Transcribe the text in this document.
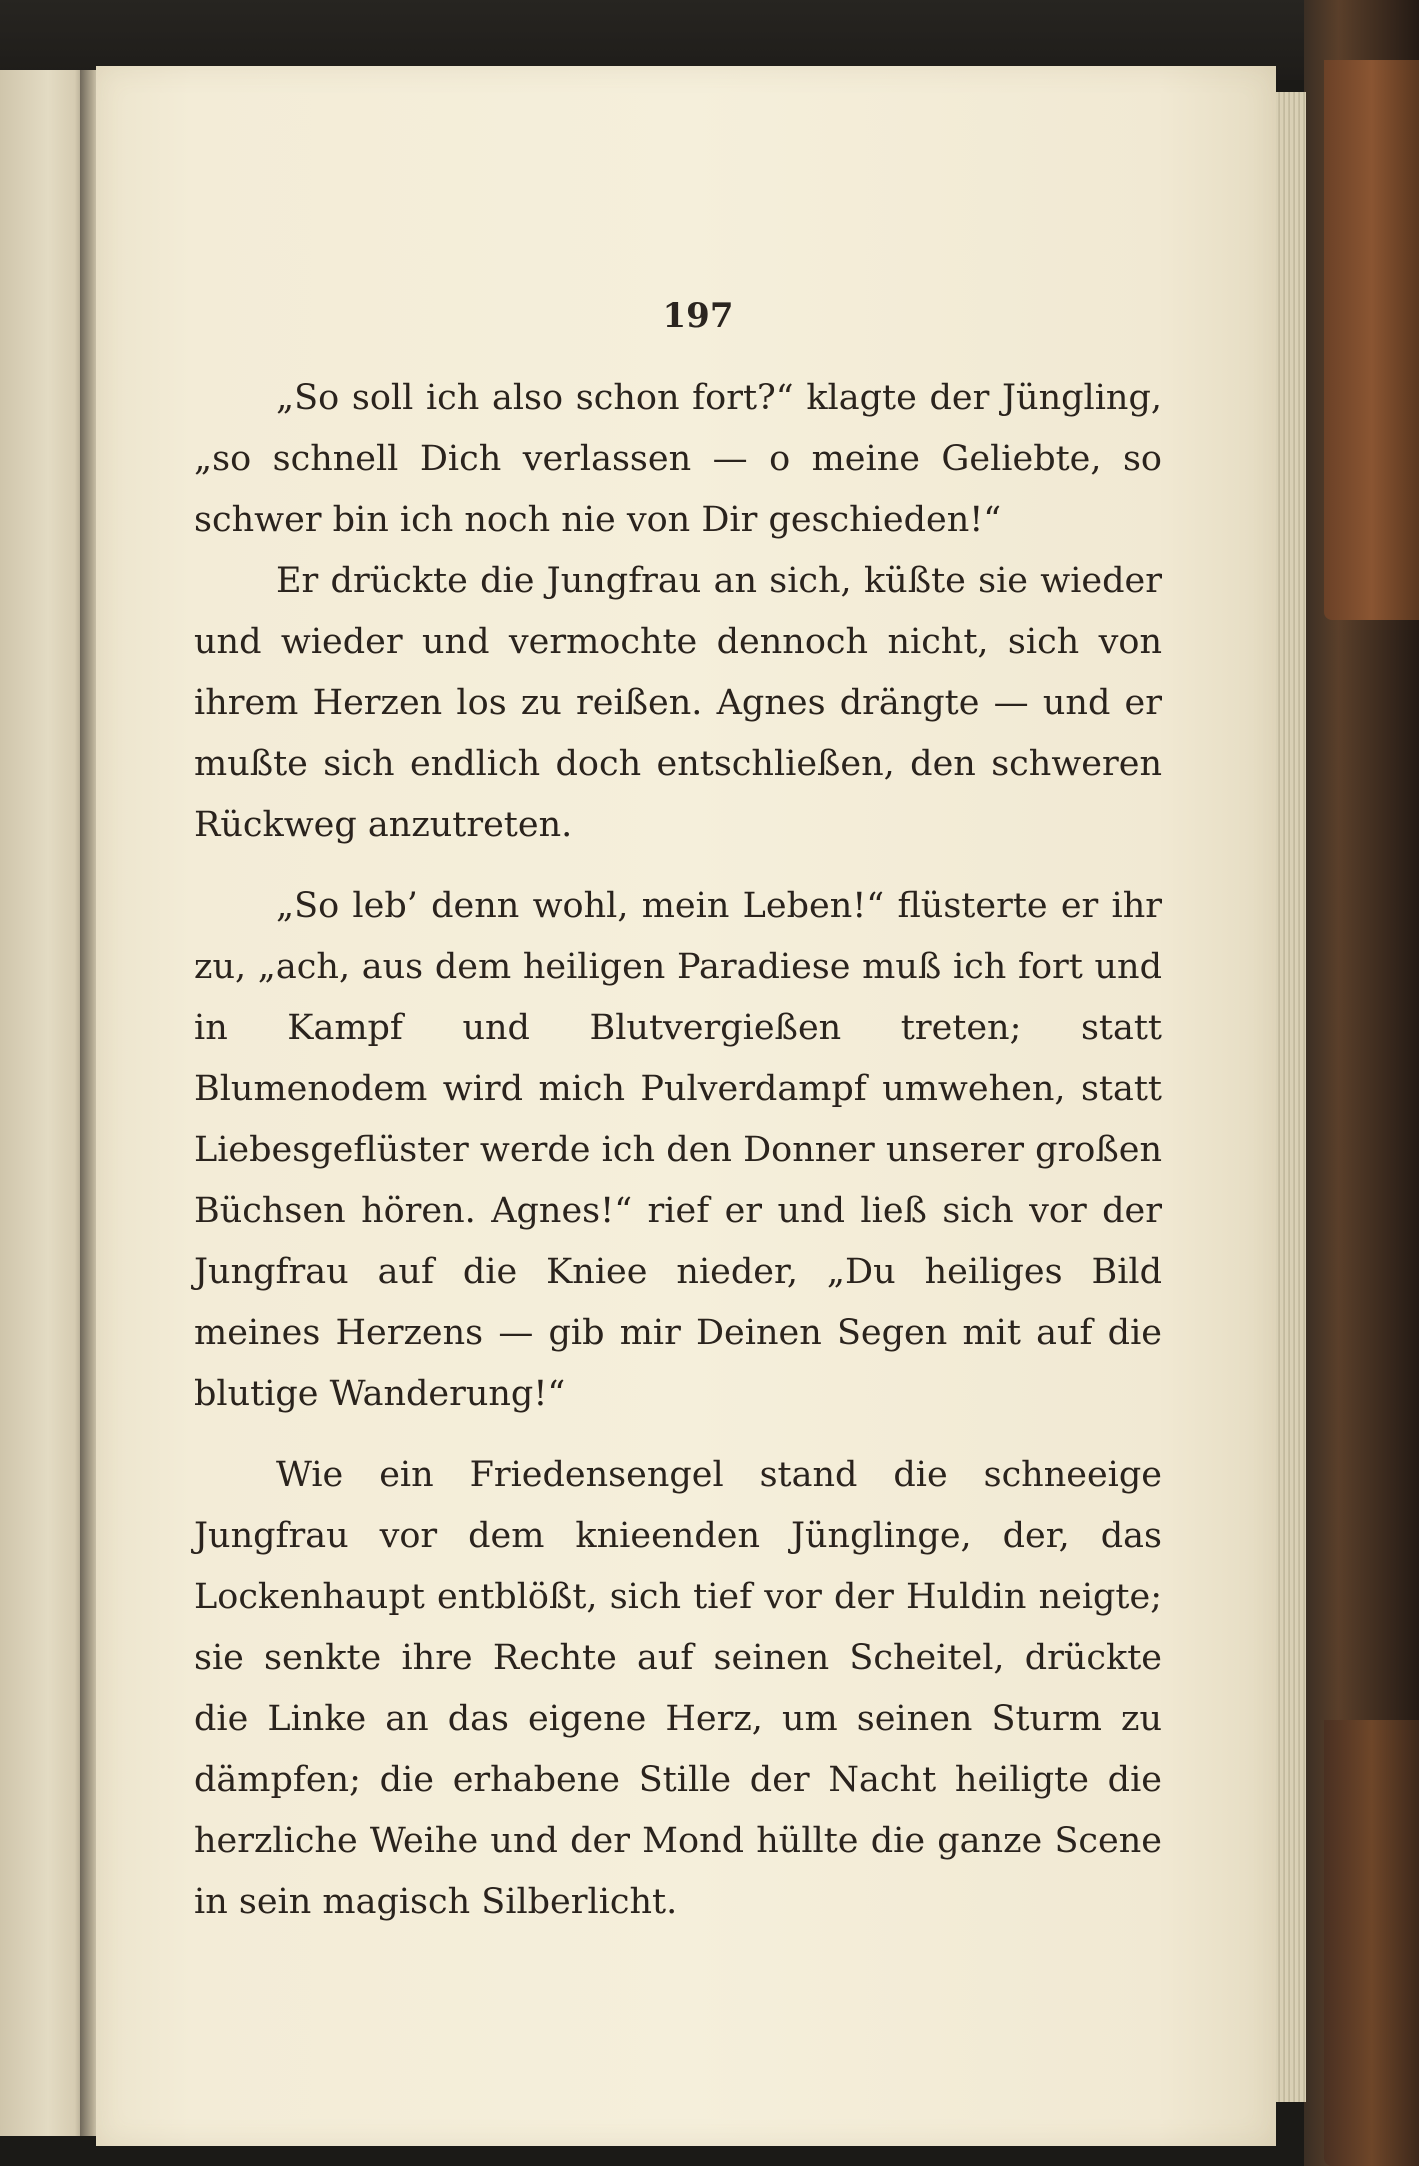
197

„So soll ich also schon fort?“ klagte der Jüngling, „so schnell Dich verlassen — o meine Geliebte, so schwer bin ich noch nie von Dir geschieden!“

Er drückte die Jungfrau an sich, küßte sie wieder und wieder und vermochte dennoch nicht, sich von ihrem Herzen los zu reißen. Agnes drängte — und er mußte sich endlich doch entschließen, den schweren Rückweg anzutreten.

„So leb’ denn wohl, mein Leben!“ flüsterte er ihr zu, „ach, aus dem heiligen Paradiese muß ich fort und in Kampf und Blutvergießen treten; statt Blumenodem wird mich Pulverdampf umwehen, statt Liebesgeflüster werde ich den Donner unserer großen Büchsen hören. Agnes!“ rief er und ließ sich vor der Jungfrau auf die Kniee nieder, „Du heiliges Bild meines Herzens — gib mir Deinen Segen mit auf die blutige Wanderung!“

Wie ein Friedensengel stand die schneeige Jungfrau vor dem knieenden Jünglinge, der, das Lockenhaupt entblößt, sich tief vor der Huldin neigte; sie senkte ihre Rechte auf seinen Scheitel, drückte die Linke an das eigene Herz, um seinen Sturm zu dämpfen; die erhabene Stille der Nacht heiligte die herzliche Weihe und der Mond hüllte die ganze Scene in sein magisch Silberlicht.
